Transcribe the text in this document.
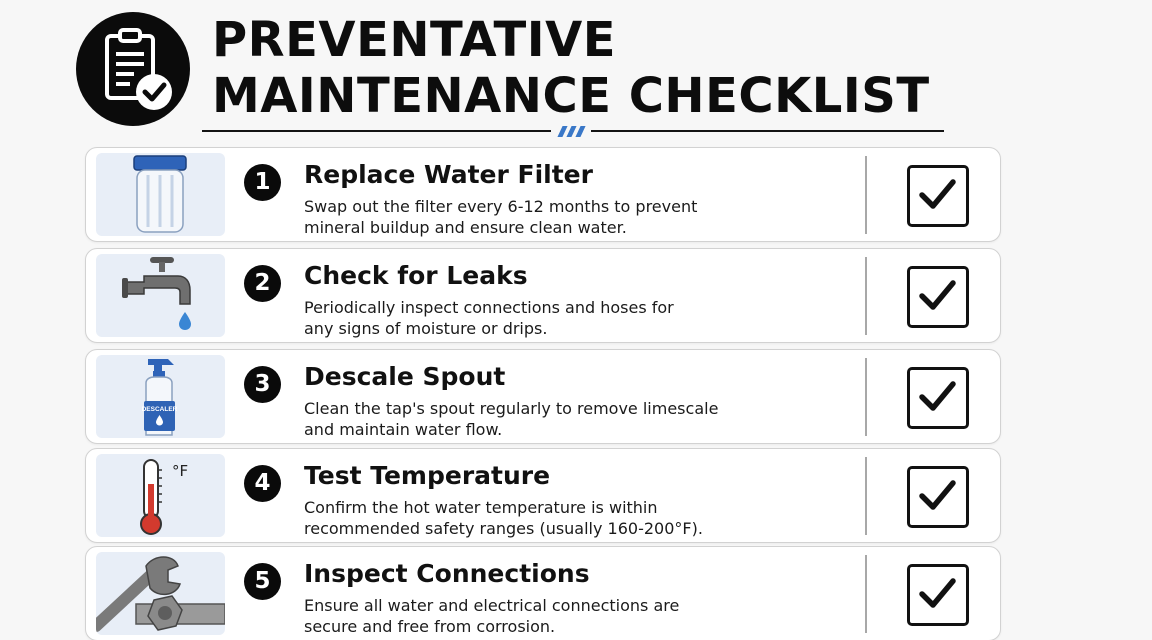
PREVENTATIVE
MAINTENANCE CHECKLIST
1	Replace Water Filter
Swap out the filter every 6-12 months to prevent
mineral buildup and ensure clean water.
2	Check for Leaks
Periodically inspect connections and hoses for
any signs of moisture or drips.
DESCALER
3	Descale Spout
Clean the tap's spout regularly to remove limescale
and maintain water flow.
°F	4	Test Temperature
Confirm the hot water temperature is within
recommended safety ranges (usually 160-200°F).
5	Inspect Connections
Ensure all water and electrical connections are
secure and free from corrosion.
